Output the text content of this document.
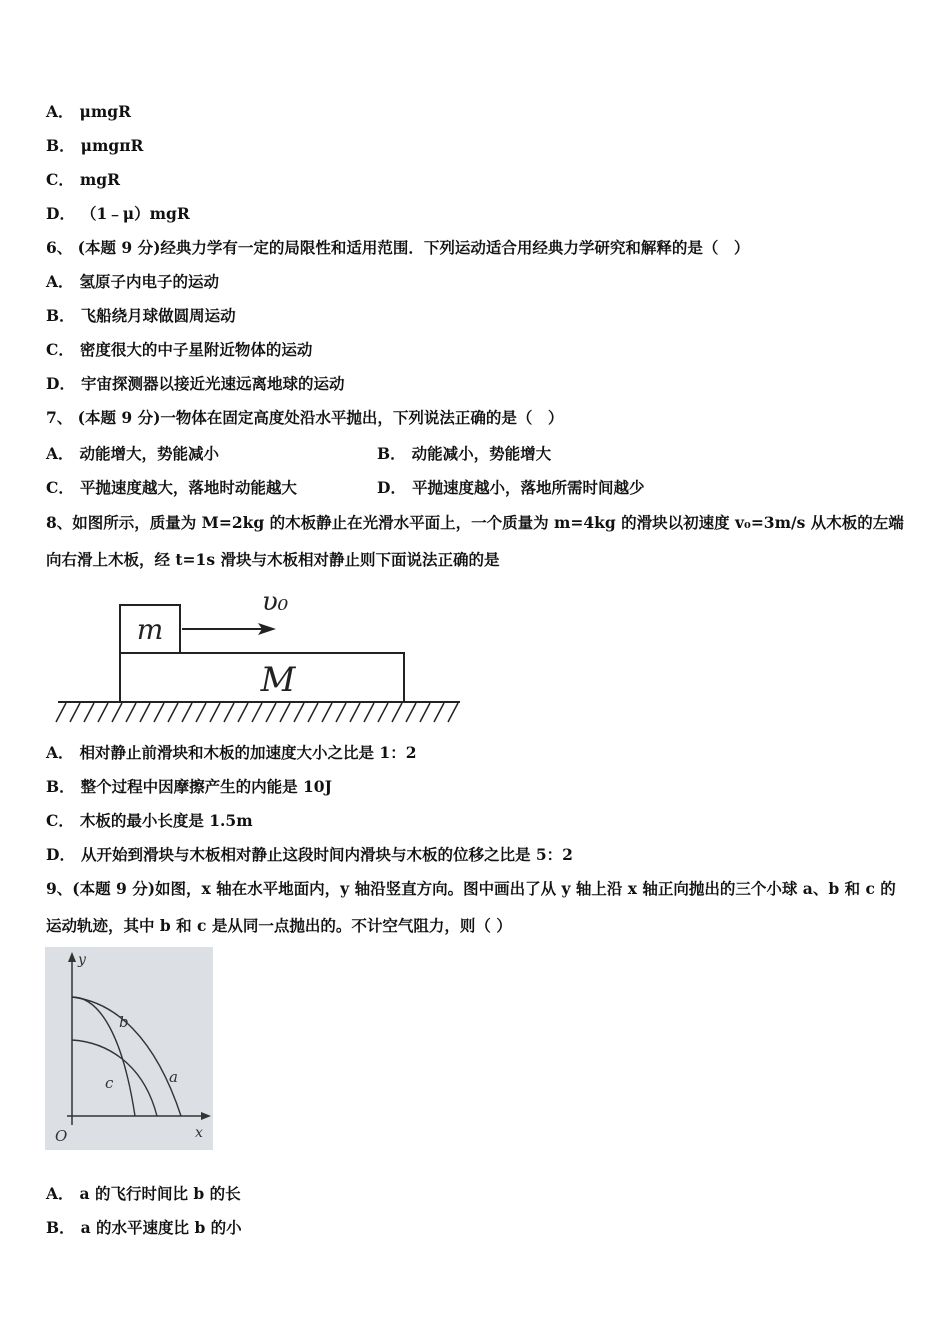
A． μmgR
B． μmgπR
C． mgR
D． （1﹣μ）mgR
6、 (本题 9 分)经典力学有一定的局限性和适用范围．下列运动适合用经典力学研究和解释的是（　）
A． 氢原子内电子的运动
B． 飞船绕月球做圆周运动
C． 密度很大的中子星附近物体的运动
D． 宇宙探测器以接近光速远离地球的运动
7、 (本题 9 分)一物体在固定高度处沿水平抛出，下列说法正确的是（　）
A． 动能增大，势能减小	B． 动能减小，势能增大
C． 平抛速度越大，落地时动能越大	D． 平抛速度越小，落地所需时间越少
8、如图所示，质量为 M=2kg 的木板静止在光滑水平面上，一个质量为 m=4kg 的滑块以初速度 v₀=3m/s 从木板的左端
向右滑上木板，经 t=1s 滑块与木板相对静止则下面说法正确的是
m
υ₀
M
A． 相对静止前滑块和木板的加速度大小之比是 1：2
B． 整个过程中因摩擦产生的内能是 10J
C． 木板的最小长度是 1.5m
D． 从开始到滑块与木板相对静止这段时间内滑块与木板的位移之比是 5：2
9、(本题 9 分)如图，x 轴在水平地面内，y 轴沿竖直方向。图中画出了从 y 轴上沿 x 轴正向抛出的三个小球 a、b 和 c 的
运动轨迹，其中 b 和 c 是从同一点抛出的。不计空气阻力，则（ ）
y
x
O
a
b
c
A． a 的飞行时间比 b 的长
B． a 的水平速度比 b 的小
